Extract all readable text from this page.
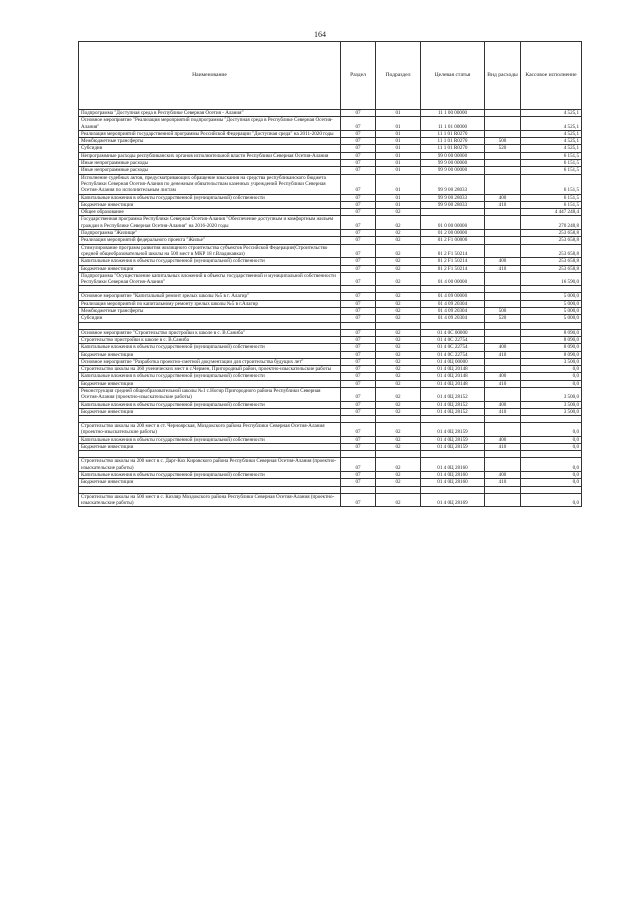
164
Наименование	Раздел	Подраздел	Целевая статья	Вид расходы	Кассовое исполнение
Подпрограмма "Доступная среда в Республике Северная Осетия - Алания"	07	01	11 1 00 00000		4 525,1
Основное мероприятие "Реализация мероприятий подпрограммы "Доступная среда в Республике Северная Осетия-Алания"	07	01	11 1 01 00000		4 525,1
Реализация мероприятий государственной программы Российской Федерации "Доступная среда" на 2011-2020 годы	07	01	11 1 01 R0270		4 525,1
Межбюджетные трансферты	07	01	11 1 01 R0270	500	4 525,1
Субсидии	07	01	11 1 01 R0270	520	4 525,1
Непрограммные расходы республиканских органов исполнительной власти Республики Северная Осетия-Алания	07	01	99 0 00 00000		6 151,5
Иные непрограммные расходы	07	01	99 9 00 00000		6 151,5
Иные непрограммные расходы	07	01	99 9 00 00000		6 151,5
Исполнение судебных актов, предусматривающих обращение взыскания на средства республиканского бюджета Республики Северная Осетия-Алания по денежным обязательствам казенных учреждений Республики Северная Осетия-Алания по исполнительным листам	07	01	99 9 00 28033		6 151,5
Капитальные вложения в объекты государственной (муниципальной) собственности	07	01	99 9 00 28033	400	6 151,5
Бюджетные инвестиции	07	01	99 9 00 28033	410	6 151,5
Общее образование	07	02			4 447 248,4
Государственная программа Республики Северная Осетия-Алания "Обеспечение доступным и комфортным жильем граждан в Республике Северная Осетия-Алания" на 2016-2020 годы	07	02	01 0 00 00000		270 248,8
Подпрограмма "Жилище"	07	02	01 2 00 00000		253 658,8
Реализация мероприятий федерального проекта "Жилье"	07	02	01 2 F1 00000		253 658,8
Стимулирование программ развития жилищного строительства субъектов Российской Федерации(Строительство средней общеобразовательной школы на 500 мест в МКР 18 г.Владикавказ)	07	02	01 2 F1 50214		253 658,8
Капитальные вложения в объекты государственной (муниципальной) собственности	07	02	01 2 F1 50214	400	253 658,8
Бюджетные инвестиции	07	02	01 2 F1 50214	410	253 658,8
Подпрограмма "Осуществление капитальных вложений в объекты государственной и муниципальной собственности Республики Северная Осетия-Алания"	07	02	01 4 00 00000		16 590,0

Основное мероприятие "Капитальный ремонт зрелых школы №5 в г. Алагир"	07	02	01 4 09 00000		5 000,0
Реализация мероприятий по капитальному ремонту зрелых школы №5 в г.Алагир	07	02	01 4 09 20304		5 000,0
Межбюджетные трансферты	07	02	01 4 09 20304	500	5 000,0
Субсидии	07	02	01 4 09 20304	520	5 000,0

Основное мероприятие "Строительство пристройки к школе в с. В.Саниба"	07	02	01 4 0C 00000		8 090,0
Строительство пристройки к школе в с. В.Саниба	07	02	01 4 0C 22754		8 090,0
Капитальные вложения в объекты государственной (муниципальной) собственности	07	02	01 4 0C 22754	400	8 090,0
Бюджетные инвестиции	07	02	01 4 0C 22754	410	8 090,0
Основное мероприятие "Разработка проектно-сметной документации для строительства будущих лет"	07	02	01 4 0Ц 00000		3 500,0
Строительство школы на 360 ученических мест в с.Чермен, Пригородный район, проектно-изыскательские работы	07	02	01 4 0Ц 20148		0,0
Капитальные вложения в объекты государственной (муниципальной) собственности	07	02	01 4 0Ц 20148	400	0,0
Бюджетные инвестиции	07	02	01 4 0Ц 20148	410	0,0
Реконструкция средней общеобразовательной школы №1 с.Ногир Пригородного района Республики Северная Осетия-Алания (проектно-изыскательские работы)	07	02	01 4 0Ц 28152		3 500,0
Капитальные вложения в объекты государственной (муниципальной) собственности	07	02	01 4 0Ц 28152	400	3 500,0
Бюджетные инвестиции	07	02	01 4 0Ц 28152	410	3 500,0

Строительство школы на 200 мест в ст. Черноярская, Моздокского района Республики Северная Осетия-Алания (проектно-изыскательские работы)	07	02	01 4 0Ц 28159		0,0
Капитальные вложения в объекты государственной (муниципальной) собственности	07	02	01 4 0Ц 28159	400	0,0
Бюджетные инвестиции	07	02	01 4 0Ц 28159	410	0,0

Строительство школы на 200 мест в с. Дарг-Кох Кировского района Республики Северная Осетия-Алания (проектно-изыскательские работы)	07	02	01 4 0Ц 28160		0,0
Капитальные вложения в объекты государственной (муниципальной) собственности	07	02	01 4 0Ц 28160	400	0,0
Бюджетные инвестиции	07	02	01 4 0Ц 28160	410	0,0

Строительство школы на 500 мест в с. Кизляр Моздокского района Республики Северная Осетия-Алания (проектно-изыскательские работы)	07	02	01 4 0Ц 28169		0,0
